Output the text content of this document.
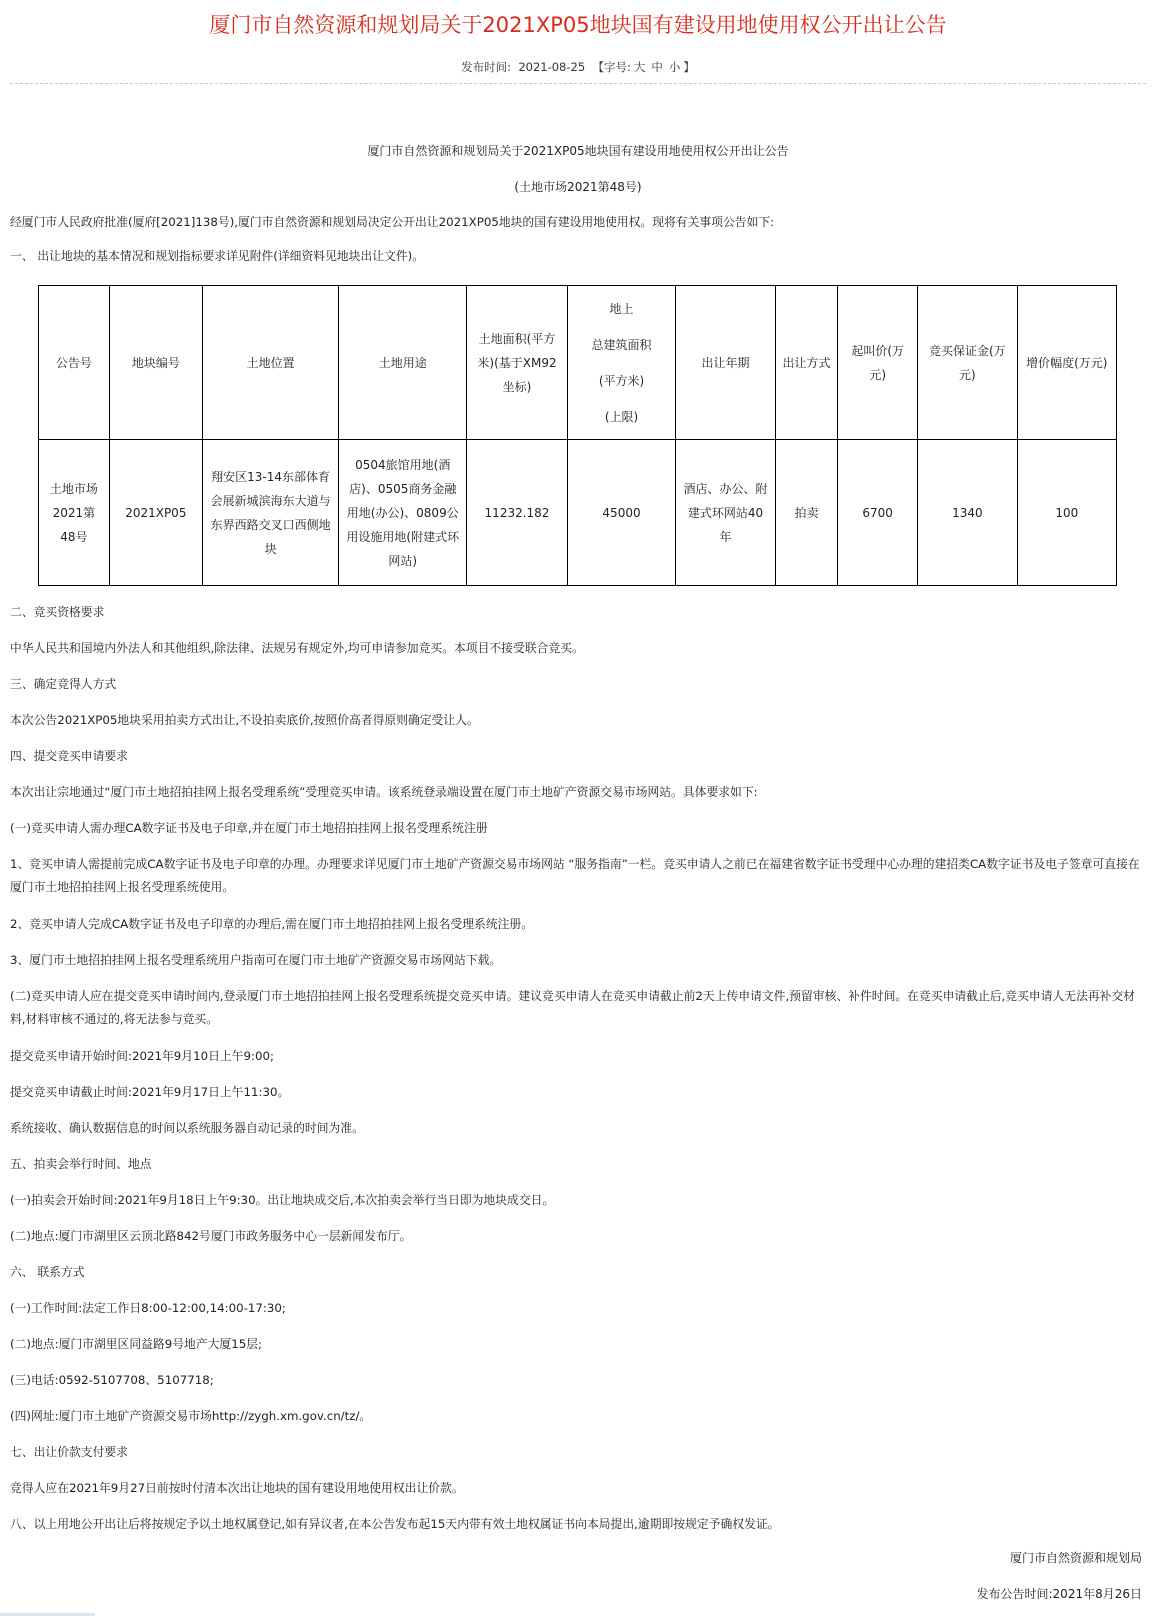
厦门市自然资源和规划局关于2021XP05地块国有建设用地使用权公开出让公告
发布时间: 2021-08-25 【字号: 大 中 小 】
厦门市自然资源和规划局关于2021XP05地块国有建设用地使用权公开出让公告
(土地市场2021第48号)
经厦门市人民政府批准(厦府[2021]138号),厦门市自然资源和规划局决定公开出让2021XP05地块的国有建设用地使用权。现将有关事项公告如下:
一、 出让地块的基本情况和规划指标要求详见附件(详细资料见地块出让文件)。
公告号	地块编号	土地位置	土地用途	土地面积(平方米)(基于XM92坐标)	地上
总建筑面积
(平方米)
(上限)	出让年期	出让方式	起叫价(万元)	竞买保证金(万元)	增价幅度(万元)
土地市场2021第48号	2021XP05	翔安区13-14东部体育会展新城滨海东大道与东界西路交叉口西侧地块	0504旅馆用地(酒店)、0505商务金融用地(办公)、0809公用设施用地(附建式环网站)	11232.182	45000	酒店、办公、附建式环网站40年	拍卖	6700	1340	100
二、竞买资格要求
中华人民共和国境内外法人和其他组织,除法律、法规另有规定外,均可申请参加竞买。本项目不接受联合竞买。
三、确定竞得人方式
本次公告2021XP05地块采用拍卖方式出让,不设拍卖底价,按照价高者得原则确定受让人。
四、提交竞买申请要求
本次出让宗地通过“厦门市土地招拍挂网上报名受理系统”受理竞买申请。该系统登录端设置在厦门市土地矿产资源交易市场网站。具体要求如下:
(一)竞买申请人需办理CA数字证书及电子印章,并在厦门市土地招拍挂网上报名受理系统注册
1、竞买申请人需提前完成CA数字证书及电子印章的办理。办理要求详见厦门市土地矿产资源交易市场网站 “服务指南”一栏。竞买申请人之前已在福建省数字证书受理中心办理的建招类CA数字证书及电子签章可直接在厦门市土地招拍挂网上报名受理系统使用。
2、竞买申请人完成CA数字证书及电子印章的办理后,需在厦门市土地招拍挂网上报名受理系统注册。
3、厦门市土地招拍挂网上报名受理系统用户指南可在厦门市土地矿产资源交易市场网站下载。
(二)竞买申请人应在提交竞买申请时间内,登录厦门市土地招拍挂网上报名受理系统提交竞买申请。建议竞买申请人在竞买申请截止前2天上传申请文件,预留审核、补件时间。在竞买申请截止后,竞买申请人无法再补交材料,材料审核不通过的,将无法参与竞买。
提交竞买申请开始时间:2021年9月10日上午9:00;
提交竞买申请截止时间:2021年9月17日上午11:30。
系统接收、确认数据信息的时间以系统服务器自动记录的时间为准。
五、拍卖会举行时间、地点
(一)拍卖会开始时间:2021年9月18日上午9:30。出让地块成交后,本次拍卖会举行当日即为地块成交日。
(二)地点:厦门市湖里区云顶北路842号厦门市政务服务中心一层新闻发布厅。
六、 联系方式
(一)工作时间:法定工作日8:00-12:00,14:00-17:30;
(二)地点:厦门市湖里区同益路9号地产大厦15层;
(三)电话:0592-5107708、5107718;
(四)网址:厦门市土地矿产资源交易市场http://zygh.xm.gov.cn/tz/。
七、出让价款支付要求
竞得人应在2021年9月27日前按时付清本次出让地块的国有建设用地使用权出让价款。
八、以上用地公开出让后将按规定予以土地权属登记,如有异议者,在本公告发布起15天内带有效土地权属证书向本局提出,逾期即按规定予确权发证。
厦门市自然资源和规划局
发布公告时间:2021年8月26日
